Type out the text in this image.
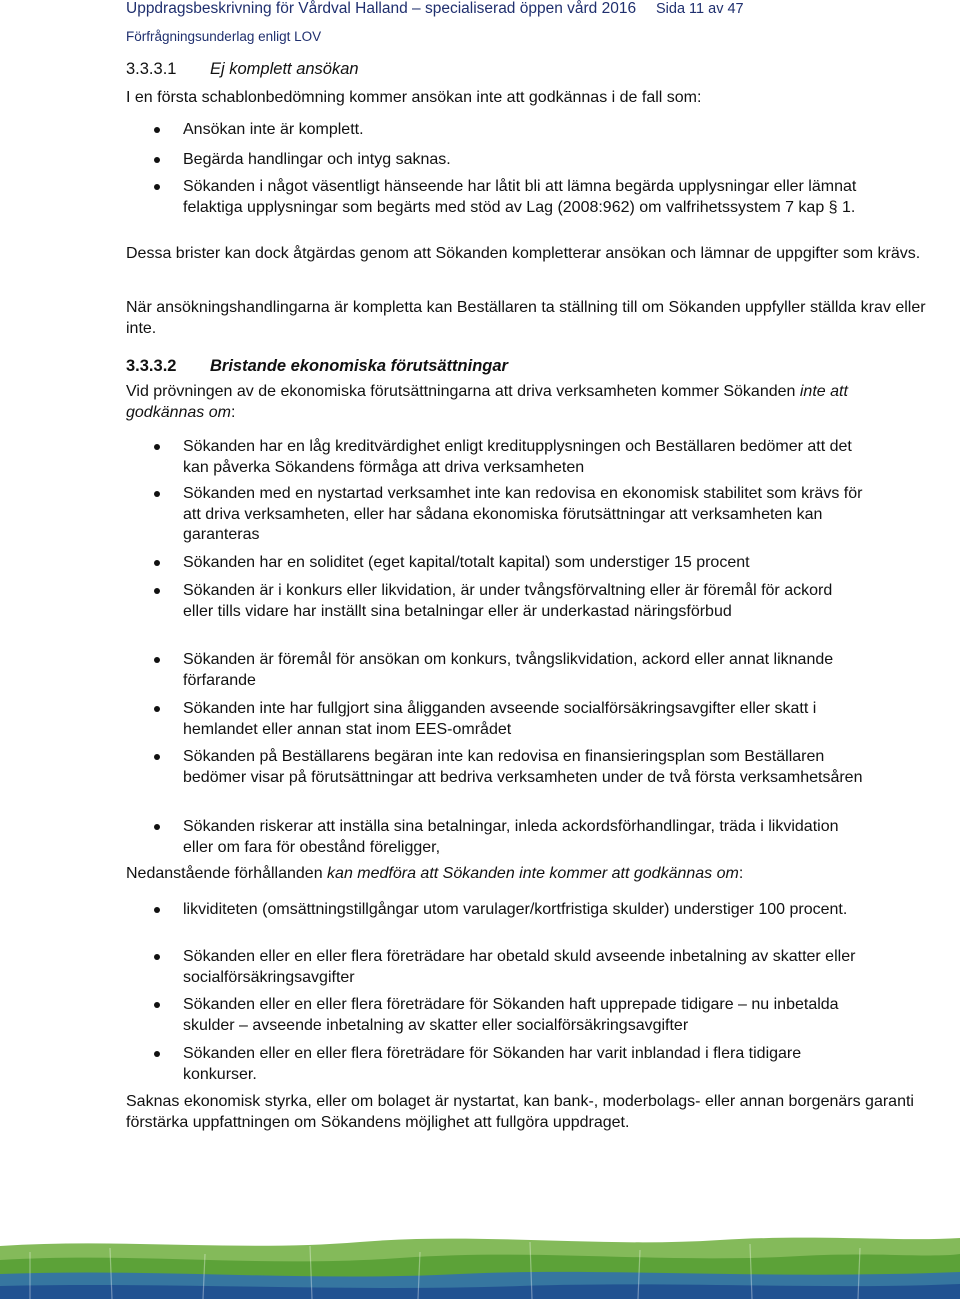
Uppdragsbeskrivning för Vårdval Halland – specialiserad öppen vård 2016 Sida 11 av 47
Förfrågningsunderlag enligt LOV
3.3.3.1 Ej komplett ansökan

I en första schablonbedömning kommer ansökan inte att godkännas i de fall som:

Ansökan inte är komplett.
Begärda handlingar och intyg saknas.
Sökanden i något väsentligt hänseende har låtit bli att lämna begärda upplysningar eller lämnat felaktiga upplysningar som begärts med stöd av Lag (2008:962) om valfrihetssystem 7 kap § 1.

Dessa brister kan dock åtgärdas genom att Sökanden kompletterar ansökan och lämnar de uppgifter som krävs.

När ansökningshandlingarna är kompletta kan Beställaren ta ställning till om Sökanden uppfyller ställda krav eller inte.

3.3.3.2 Bristande ekonomiska förutsättningar

Vid prövningen av de ekonomiska förutsättningarna att driva verksamheten kommer Sökanden inte att godkännas om:

Sökanden har en låg kreditvärdighet enligt kreditupplysningen och Beställaren bedömer att det kan påverka Sökandens förmåga att driva verksamheten
Sökanden med en nystartad verksamhet inte kan redovisa en ekonomisk stabilitet som krävs för att driva verksamheten, eller har sådana ekonomiska förutsättningar att verksamheten kan garanteras
Sökanden har en soliditet (eget kapital/totalt kapital) som understiger 15 procent
Sökanden är i konkurs eller likvidation, är under tvångsförvaltning eller är föremål för ackord eller tills vidare har inställt sina betalningar eller är underkastad näringsförbud
Sökanden är föremål för ansökan om konkurs, tvångslikvidation, ackord eller annat liknande förfarande
Sökanden inte har fullgjort sina åligganden avseende socialförsäkringsavgifter eller skatt i hemlandet eller annan stat inom EES-området
Sökanden på Beställarens begäran inte kan redovisa en finansieringsplan som Beställaren bedömer visar på förutsättningar att bedriva verksamheten under de två första verksamhetsåren
Sökanden riskerar att inställa sina betalningar, inleda ackordsförhandlingar, träda i likvidation eller om fara för obestånd föreligger,

Nedanstående förhållanden kan medföra att Sökanden inte kommer att godkännas om:

likviditeten (omsättningstillgångar utom varulager/kortfristiga skulder) understiger 100 procent.
Sökanden eller en eller flera företrädare har obetald skuld avseende inbetalning av skatter eller socialförsäkringsavgifter
Sökanden eller en eller flera företrädare för Sökanden haft upprepade tidigare – nu inbetalda skulder – avseende inbetalning av skatter eller socialförsäkringsavgifter
Sökanden eller en eller flera företrädare för Sökanden har varit inblandad i flera tidigare konkurser.

Saknas ekonomisk styrka, eller om bolaget är nystartat, kan bank-, moderbolags- eller annan borgenärs garanti förstärka uppfattningen om Sökandens möjlighet att fullgöra uppdraget.
